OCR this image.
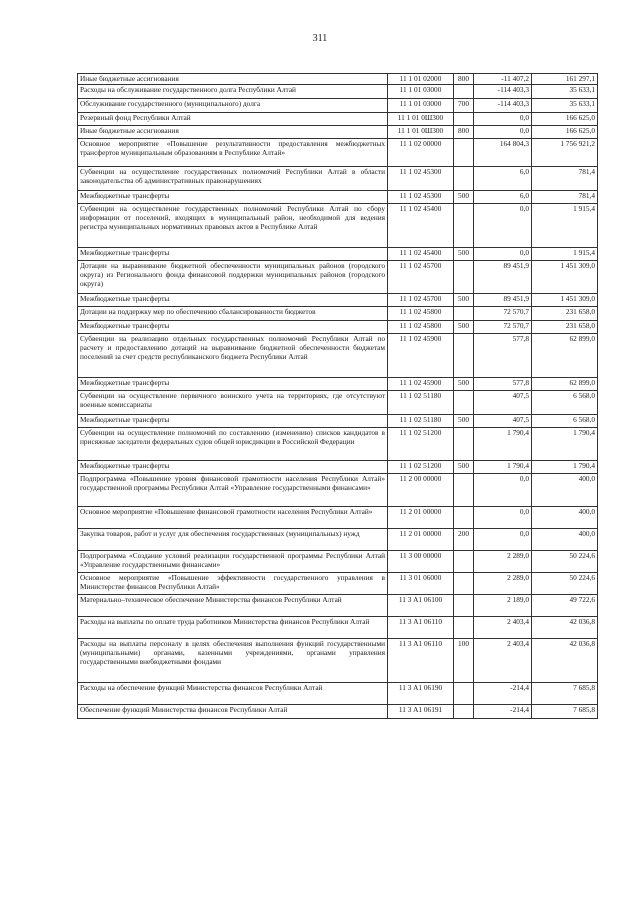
311
Иные бюджетные ассигнования	11 1 01 02000	800	-11 407,2	161 297,1
Расходы на обслуживание государственного долга Республики Алтай	11 1 01 03000		-114 403,3	35 633,1
Обслуживание государственного (муниципального) долга	11 1 01 03000	700	-114 403,3	35 633,1
Резервный фонд Республики Алтай	11 1 01 0Ш300		0,0	166 625,0
Иные бюджетные ассигнования	11 1 01 0Ш300	800	0,0	166 625,0
Основное мероприятие «Повышение результативности предоставления межбюджетных трансфертов муниципальным образованиям в Республике Алтай»	11 1 02 00000		164 804,3	1 756 921,2
Субвенции на осуществление государственных полномочий Республики Алтай в области законодательства об административных правонарушениях	11 1 02 45300		6,0	781,4
Межбюджетные трансферты	11 1 02 45300	500	6,0	781,4
Субвенции на осуществление государственных полномочий Республики Алтай по сбору информации от поселений, входящих в муниципальный район, необходимой для ведения регистра муниципальных нормативных правовых актов в Республике Алтай	11 1 02 45400		0,0	1 915,4
Межбюджетные трансферты	11 1 02 45400	500	0,0	1 915,4
Дотации на выравнивание бюджетной обеспеченности муниципальных районов (городского округа) из Регионального фонда финансовой поддержки муниципальных районов (городского округа)	11 1 02 45700		89 451,9	1 451 309,0
Межбюджетные трансферты	11 1 02 45700	500	89 451,9	1 451 309,0
Дотации на поддержку мер по обеспечению сбалансированности бюджетов	11 1 02 45800		72 570,7	231 658,0
Межбюджетные трансферты	11 1 02 45800	500	72 570,7	231 658,0
Субвенции на реализацию отдельных государственных полномочий Республики Алтай по расчету и предоставлению дотаций на выравнивание бюджетной обеспеченности бюджетам поселений за счет средств республиканского бюджета Республики Алтай	11 1 02 45900		577,8	62 899,0
Межбюджетные трансферты	11 1 02 45900	500	577,8	62 899,0
Субвенции на осуществление первичного воинского учета на территориях, где отсутствуют военные комиссариаты	11 1 02 51180		407,5	6 568,0
Межбюджетные трансферты	11 1 02 51180	500	407,5	6 568,0
Субвенции на осуществление полномочий по составлению (изменению) списков кандидатов в присяжные заседатели федеральных судов общей юрисдикции в Российской Федерации	11 1 02 51200		1 790,4	1 790,4
Межбюджетные трансферты	11 1 02 51200	500	1 790,4	1 790,4
Подпрограмма «Повышение уровня финансовой грамотности населения Республики Алтай» государственной программы Республики Алтай «Управление государственными финансами»	11 2 00 00000		0,0	400,0
Основное мероприятие «Повышение финансовой грамотности населения Республики Алтай»	11 2 01 00000		0,0	400,0
Закупка товаров, работ и услуг для обеспечения государственных (муниципальных) нужд	11 2 01 00000	200	0,0	400,0
Подпрограмма «Создание условий реализации государственной программы Республики Алтай «Управление государственными финансами»	11 3 00 00000		2 289,0	50 224,6
Основное мероприятие «Повышение эффективности государственного управления в Министерстве финансов Республики Алтай»	11 3 01 06000		2 289,0	50 224,6
Материально–техническое обеспечение Министерства финансов Республики Алтай	11 3 А1 06100		2 189,0	49 722,6
Расходы на выплаты по оплате труда работников Министерства финансов Республики Алтай	11 3 А1 06110		2 403,4	42 036,8
Расходы на выплаты персоналу в целях обеспечения выполнения функций государственными (муниципальными) органами, казенными учреждениями, органами управления государственными внебюджетными фондами	11 3 А1 06110	100	2 403,4	42 036,8
Расходы на обеспечение функций Министерства финансов Республики Алтай	11 3 А1 06190		-214,4	7 685,8
Обеспечение функций Министерства финансов Республики Алтай	11 3 А1 06191		-214,4	7 685,8
